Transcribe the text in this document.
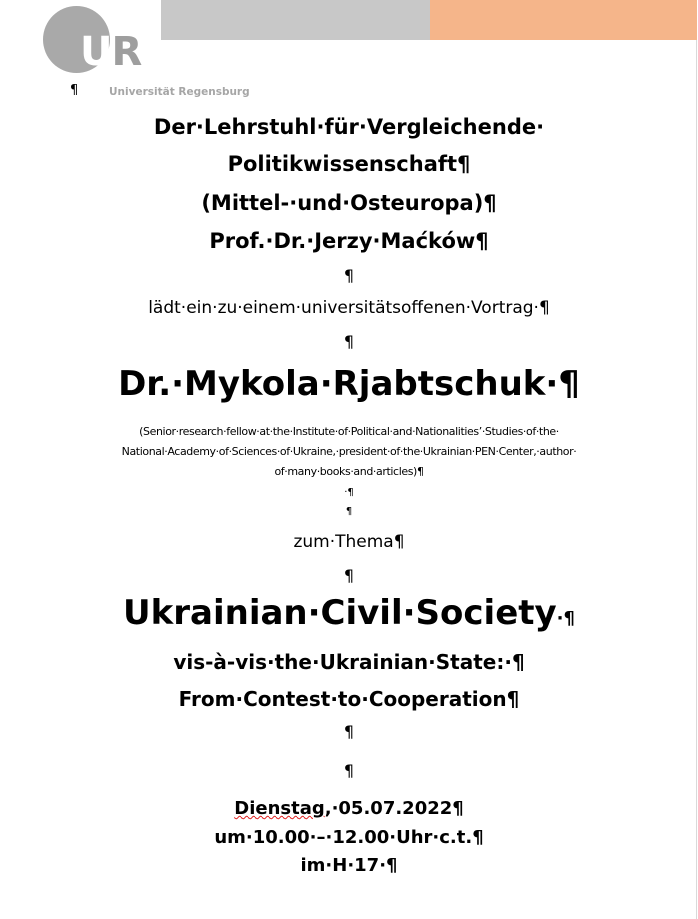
UR
Universität Regensburg
¶
Der·Lehrstuhl·für·Vergleichende·
Politikwissenschaft¶
(Mittel-·und·Osteuropa)¶
Prof.·Dr.·Jerzy·Maćków¶
¶
lädt·ein·zu·einem·universitätsoffenen·Vortrag·¶
¶
Dr.·Mykola·Rjabtschuk·¶
(Senior·research·fellow·at·the·Institute·of·Political·and·Nationalities’·Studies·of·the·
National·Academy·of·Sciences·of·Ukraine,·president·of·the·Ukrainian·PEN·Center,·author·
of·many·books·and·articles)¶
·¶
¶
zum·Thema¶
¶
Ukrainian·Civil·Society·¶
vis-à-vis·the·Ukrainian·State:·¶
From·Contest·to·Cooperation¶
¶
¶
Dienstag,·05.07.2022¶
um·10.00·–·12.00·Uhr·c.t.¶
im·H·17·¶
